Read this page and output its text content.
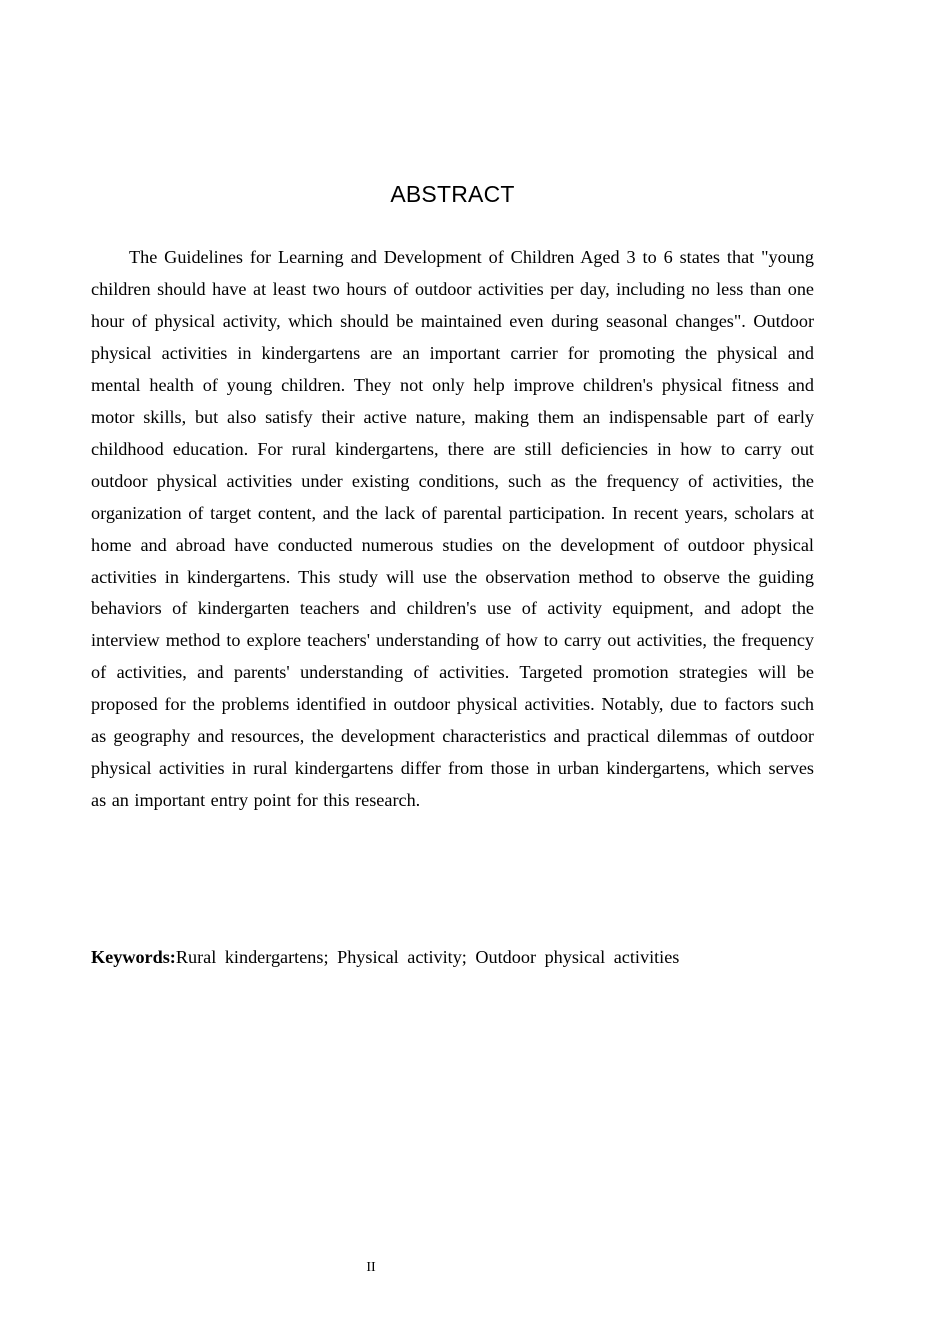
ABSTRACT

The Guidelines for Learning and Development of Children Aged 3 to 6 states that "young children should have at least two hours of outdoor activities per day, including no less than one hour of physical activity, which should be maintained even during seasonal changes". Outdoor physical activities in kindergartens are an important carrier for promoting the physical and mental health of young children. They not only help improve children's physical fitness and motor skills, but also satisfy their active nature, making them an indispensable part of early childhood education. For rural kindergartens, there are still deficiencies in how to carry out outdoor physical activities under existing conditions, such as the frequency of activities, the organization of target content, and the lack of parental participation. In recent years, scholars at home and abroad have conducted numerous studies on the development of outdoor physical activities in kindergartens. This study will use the observation method to observe the guiding behaviors of kindergarten teachers and children's use of activity equipment, and adopt the interview method to explore teachers' understanding of how to carry out activities, the frequency of activities, and parents' understanding of activities. Targeted promotion strategies will be proposed for the problems identified in outdoor physical activities. Notably, due to factors such as geography and resources, the development characteristics and practical dilemmas of outdoor physical activities in rural kindergartens differ from those in urban kindergartens, which serves as an important entry point for this research.

Keywords:Rural kindergartens; Physical activity; Outdoor physical activities

II
